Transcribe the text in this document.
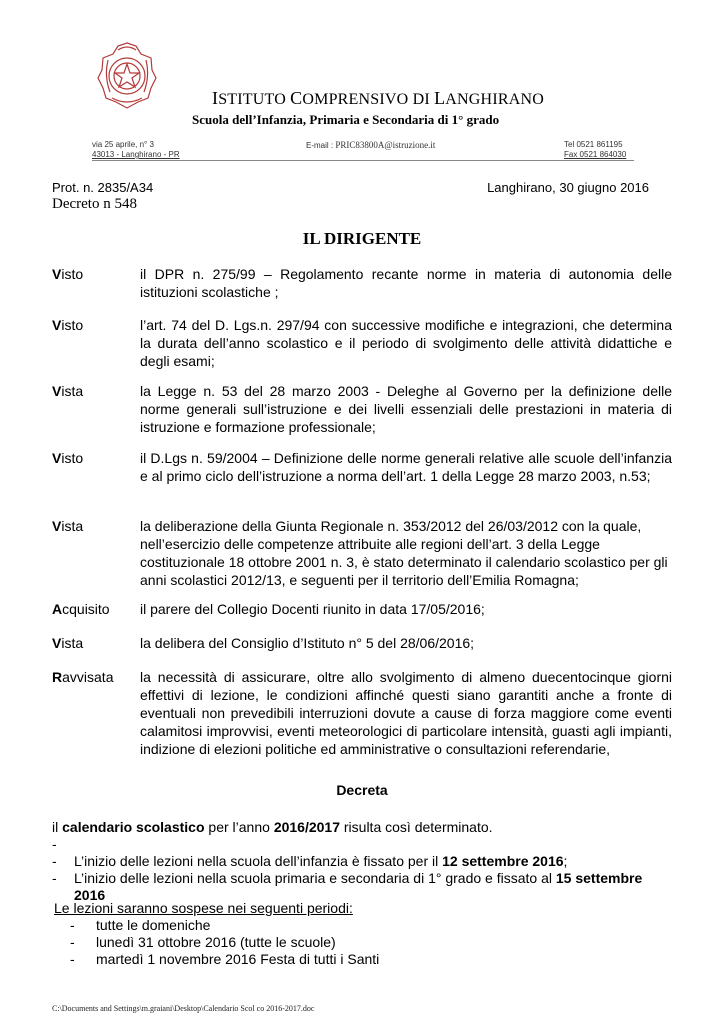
ISTITUTO COMPRENSIVO DI LANGHIRANO
Scuola dell’Infanzia, Primaria e Secondaria di 1° grado
via 25 aprile, n° 3
43013 - Langhirano - PR
E-mail : PRIC83800A@istruzione.it	Tel 0521 861195
Fax 0521 864030
Prot. n. 2835/A34	Langhirano, 30 giugno 2016
Decreto n 548
IL DIRIGENTE
Visto	il DPR n. 275/99 – Regolamento recante norme in materia di autonomia delle istituzioni scolastiche ;
Visto	l’art. 74 del D. Lgs.n. 297/94 con successive modifiche e integrazioni, che determina la durata dell’anno scolastico e il periodo di svolgimento delle attività didattiche e degli esami;
Vista	la Legge n. 53 del 28 marzo 2003 - Deleghe al Governo per la definizione delle norme generali sull’istruzione e dei livelli essenziali delle prestazioni in materia di istruzione e formazione professionale;
Visto	il D.Lgs n. 59/2004 – Definizione delle norme generali relative alle scuole dell’infanzia e al primo ciclo dell’istruzione a norma dell’art. 1 della Legge 28 marzo 2003, n.53;
Vista	la deliberazione della Giunta Regionale n. 353/2012 del 26/03/2012 con la quale, nell’esercizio delle competenze attribuite alle regioni dell’art. 3 della Legge costituzionale 18 ottobre 2001 n. 3, è stato determinato il calendario scolastico per gli anni scolastici 2012/13, e seguenti per il territorio dell’Emilia Romagna;
Acquisito	il parere del Collegio Docenti riunito in data 17/05/2016;
Vista	la delibera del Consiglio d’Istituto n° 5 del 28/06/2016;
Ravvisata	la necessità di assicurare, oltre allo svolgimento di almeno duecentocinque giorni effettivi di lezione, le condizioni affinché questi siano garantiti anche a fronte di eventuali non prevedibili interruzioni dovute a cause di forza maggiore come eventi calamitosi improvvisi, eventi meteorologici di particolare intensità, guasti agli impianti, indizione di elezioni politiche ed amministrative o consultazioni referendarie,
Decreta
il calendario scolastico per l’anno 2016/2017 risulta così determinato.
-
-	L’inizio delle lezioni nella scuola dell’infanzia è fissato per il 12 settembre 2016;
-	L’inizio delle lezioni nella scuola primaria e secondaria di 1° grado e fissato al 15 settembre 2016
Le lezioni saranno sospese nei seguenti periodi:
-	tutte le domeniche
-	lunedì 31 ottobre 2016 (tutte le scuole)
-	martedì 1 novembre 2016 Festa di tutti i Santi
C:\Documents and Settings\m.graiani\Desktop\Calendario Scol co 2016-2017.doc
